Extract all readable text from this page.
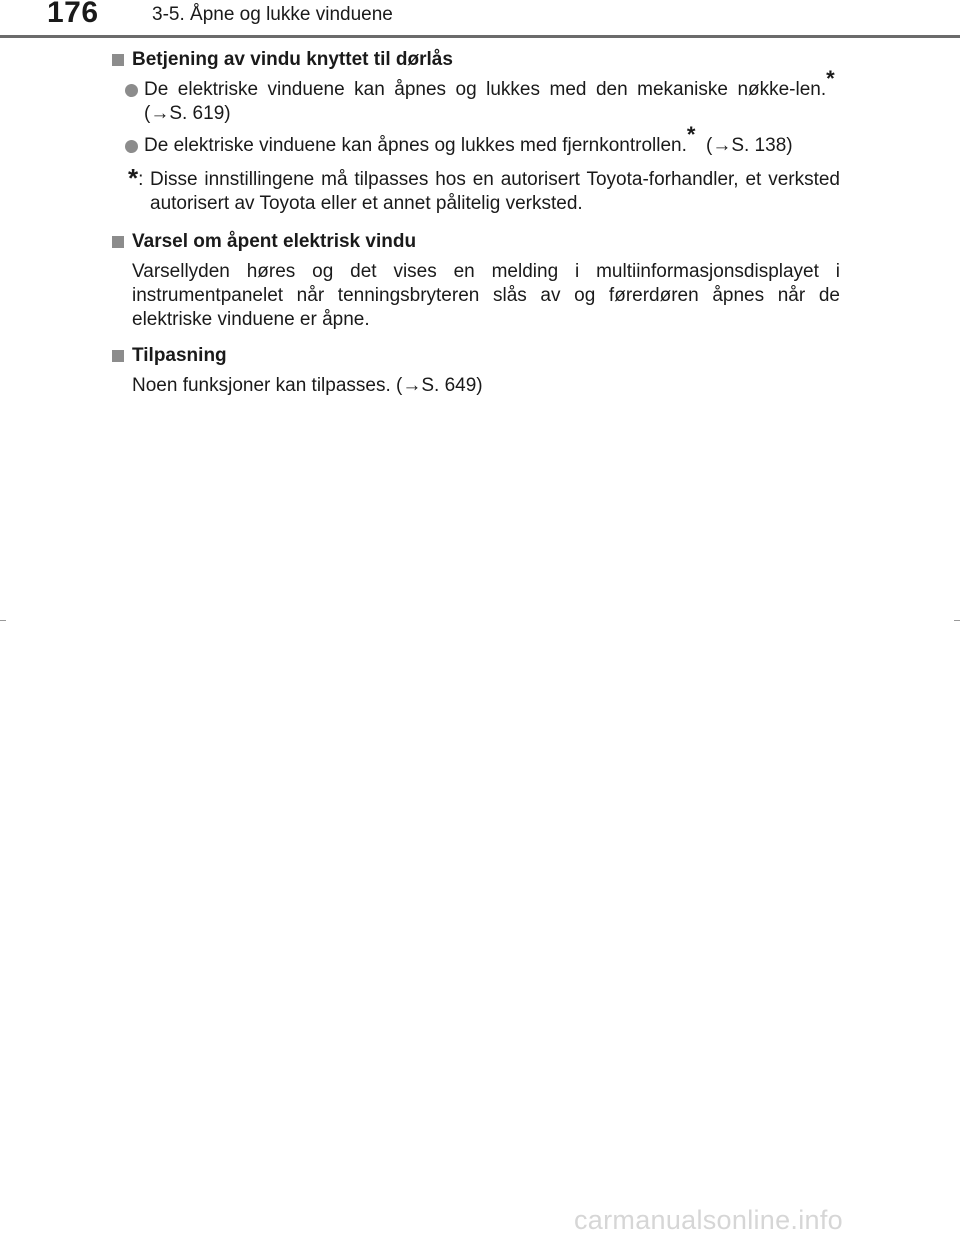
176	3-5. Åpne og lukke vinduene
Betjening av vindu knyttet til dørlås
De elektriske vinduene kan åpnes og lukkes med den mekaniske nøkke-len.*  (→S. 619)
De elektriske vinduene kan åpnes og lukkes med fjernkontrollen.* (→S. 138)
*: Disse innstillingene må tilpasses hos en autorisert Toyota-forhandler, et verksted autorisert av Toyota eller et annet pålitelig verksted.
Varsel om åpent elektrisk vindu
Varsellyden høres og det vises en melding i multiinformasjonsdisplayet i instrumentpanelet når tenningsbryteren slås av og førerdøren åpnes når de elektriske vinduene er åpne.
Tilpasning
Noen funksjoner kan tilpasses. (→S. 649)
carmanualsonline.info
